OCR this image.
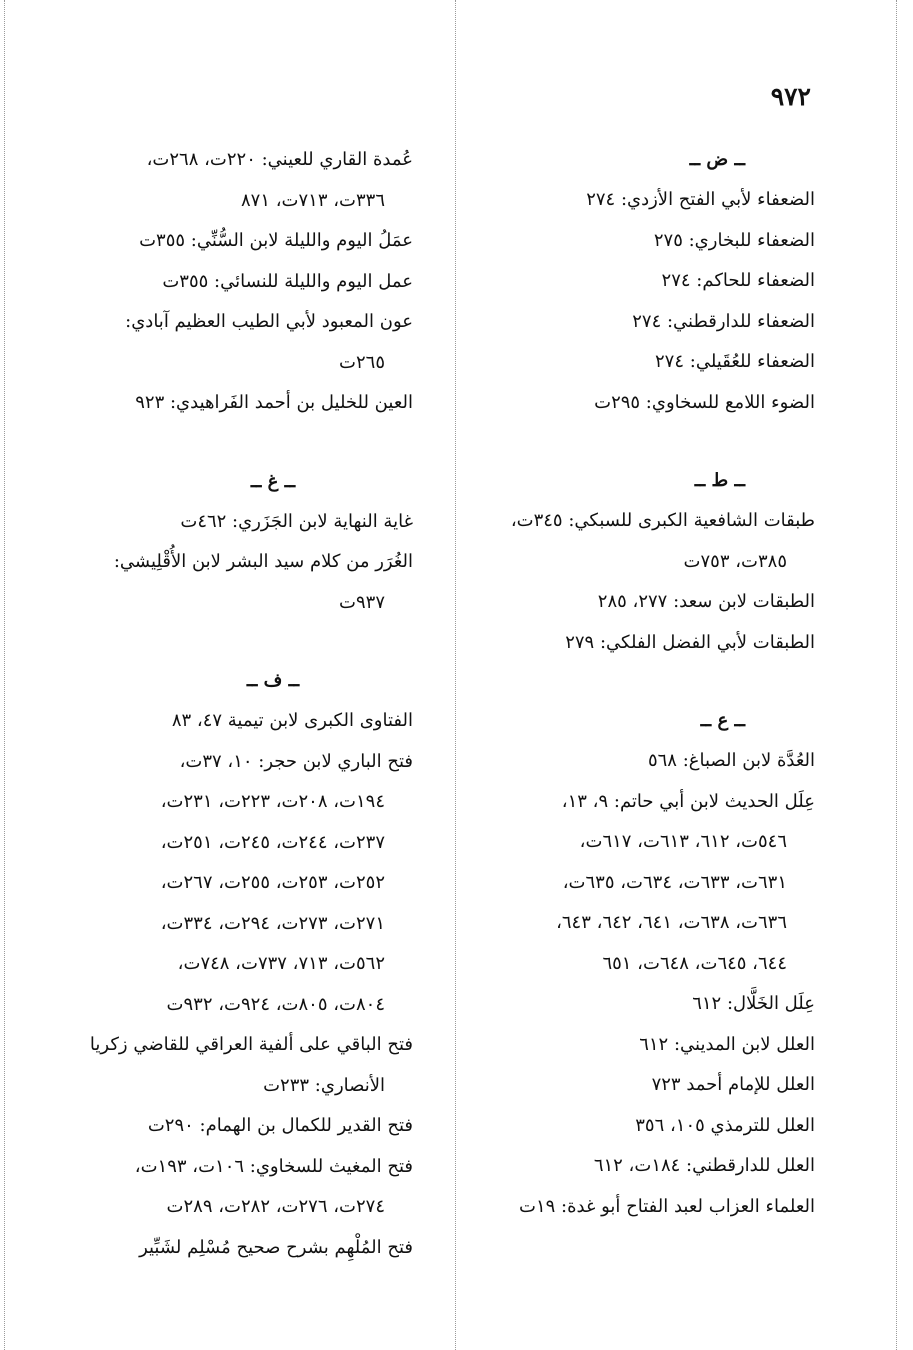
٩٧٢
ــ ض ــ

الضعفاء لأبي الفتح الأزدي: ٢٧٤

الضعفاء للبخاري: ٢٧٥

الضعفاء للحاكم: ٢٧٤

الضعفاء للدارقطني: ٢٧٤

الضعفاء للعُقَيلي: ٢٧٤

الضوء اللامع للسخاوي: ٢٩٥ت

ــ ط ــ

طبقات الشافعية الكبرى للسبكي: ٣٤٥ت،

٣٨٥ت، ٧٥٣ت

الطبقات لابن سعد: ٢٧٧، ٢٨٥

الطبقات لأبي الفضل الفلكي: ٢٧٩

ــ ع ــ

العُدَّة لابن الصباغ: ٥٦٨

عِلَل الحديث لابن أبي حاتم: ٩، ١٣،

٥٤٦ت، ٦١٢، ٦١٣ت، ٦١٧ت،

٦٣١ت، ٦٣٣ت، ٦٣٤ت، ٦٣٥ت،

٦٣٦ت، ٦٣٨ت، ٦٤١، ٦٤٢، ٦٤٣،

٦٤٤، ٦٤٥ت، ٦٤٨ت، ٦٥١

عِلَل الخَلَّال: ٦١٢

العلل لابن المديني: ٦١٢

العلل للإمام أحمد ٧٢٣

العلل للترمذي ١٠٥، ٣٥٦

العلل للدارقطني: ١٨٤ت، ٦١٢

العلماء العزاب لعبد الفتاح أبو غدة: ١٩ت

عُمدة القاري للعيني: ٢٢٠ت، ٢٦٨ت،

٣٣٦ت، ٧١٣ت، ٨٧١

عمَلُ اليوم والليلة لابن السُّنِّي: ٣٥٥ت

عمل اليوم والليلة للنسائي: ٣٥٥ت

عون المعبود لأبي الطيب العظيم آبادي:

٢٦٥ت

العين للخليل بن أحمد الفَراهيدي: ٩٢٣

ــ غ ــ

غاية النهاية لابن الجَزَري: ٤٦٢ت

الغُرَر من كلام سيد البشر لابن الأُقْلِيشي:

٩٣٧ت

ــ ف ــ

الفتاوى الكبرى لابن تيمية ٤٧، ٨٣

فتح الباري لابن حجر: ١٠، ٣٧ت،

١٩٤ت، ٢٠٨ت، ٢٢٣ت، ٢٣١ت،

٢٣٧ت، ٢٤٤ت، ٢٤٥ت، ٢٥١ت،

٢٥٢ت، ٢٥٣ت، ٢٥٥ت، ٢٦٧ت،

٢٧١ت، ٢٧٣ت، ٢٩٤ت، ٣٣٤ت،

٥٦٢ت، ٧١٣، ٧٣٧ت، ٧٤٨ت،

٨٠٤ت، ٨٠٥ت، ٩٢٤ت، ٩٣٢ت

فتح الباقي على ألفية العراقي للقاضي زكريا

الأنصاري: ٢٣٣ت

فتح القدير للكمال بن الهمام: ٢٩٠ت

فتح المغيث للسخاوي: ١٠٦ت، ١٩٣ت،

٢٧٤ت، ٢٧٦ت، ٢٨٢ت، ٢٨٩ت

فتح المُلْهِم بشرح صحيح مُسْلِم لشَبِّير
